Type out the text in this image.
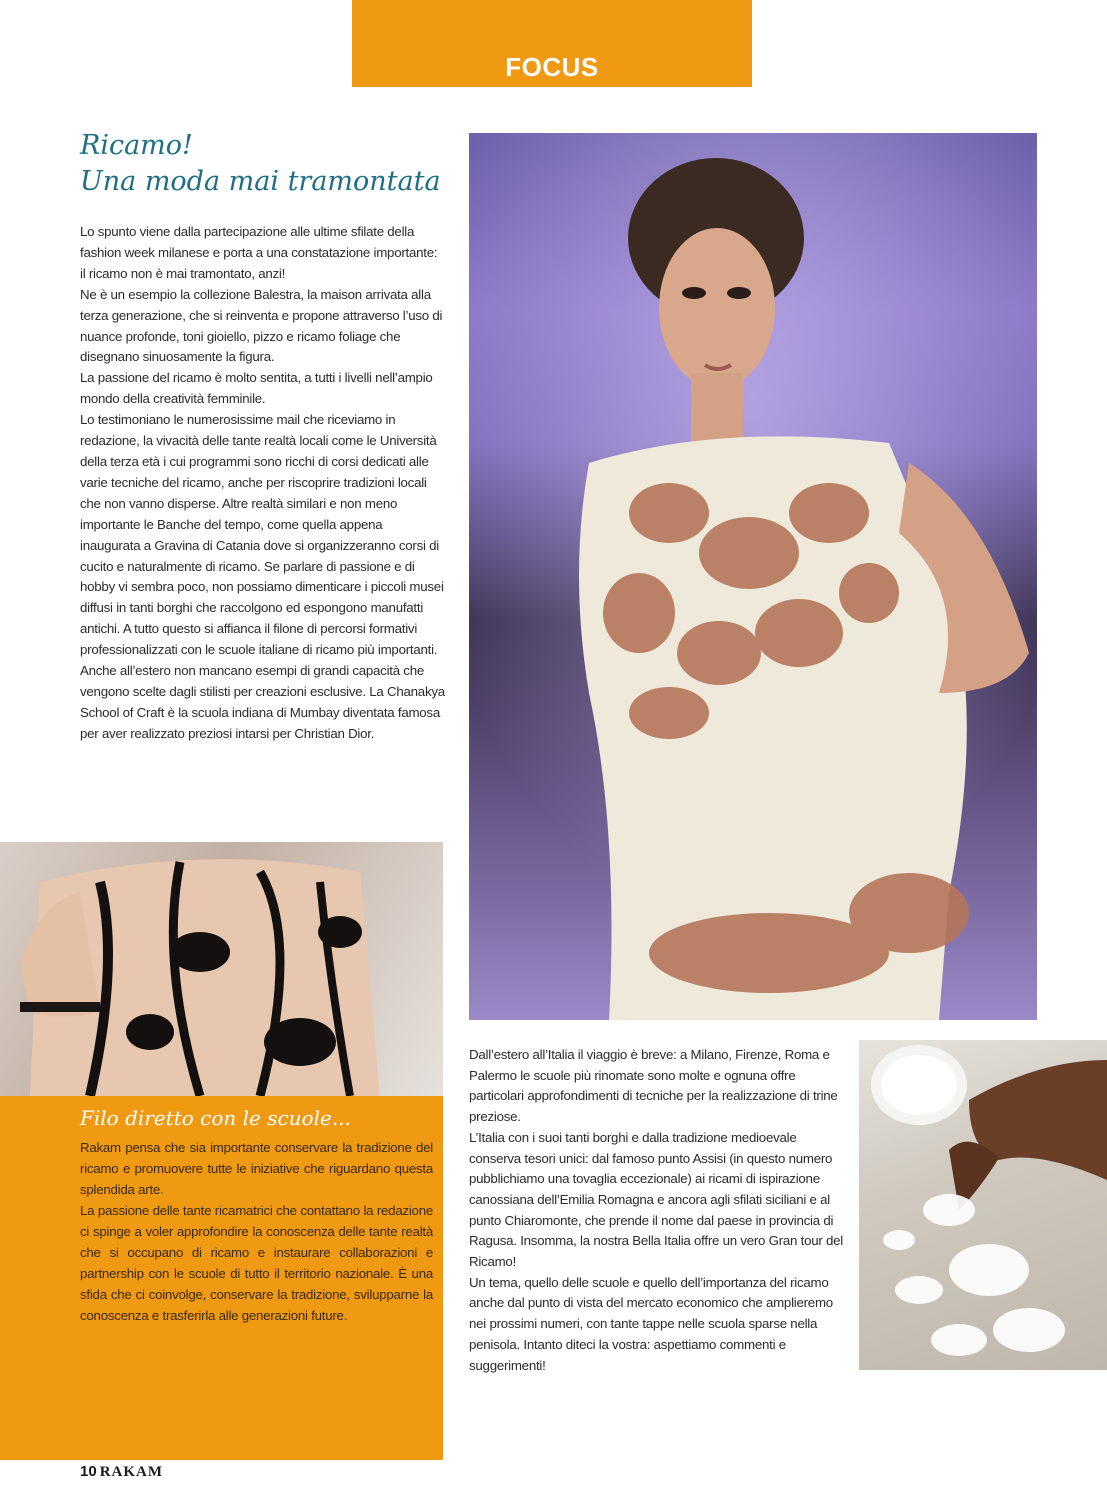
FOCUS
Ricamo!
Una moda mai tramontata

Lo spunto viene dalla partecipazione alle ultime sfilate della fashion week milanese e porta a una constatazione importante: il ricamo non è mai tramontato, anzi!

Ne è un esempio la collezione Balestra, la maison arrivata alla terza generazione, che si reinventa e propone attraverso l’uso di nuance profonde, toni gioiello, pizzo e ricamo foliage che disegnano sinuosamente la figura.

La passione del ricamo è molto sentita, a tutti i livelli nell’ampio mondo della creatività femminile.

Lo testimoniano le numerosissime mail che riceviamo in redazione, la vivacità delle tante realtà locali come le Università della terza età i cui programmi sono ricchi di corsi dedicati alle varie tecniche del ricamo, anche per riscoprire tradizioni locali che non vanno disperse. Altre realtà similari e non meno importante le Banche del tempo, come quella appena inaugurata a Gravina di Catania dove si organizzeranno corsi di cucito e naturalmente di ricamo. Se parlare di passione e di hobby vi sembra poco, non possiamo dimenticare i piccoli musei diffusi in tanti borghi che raccolgono ed espongono manufatti antichi. A tutto questo si affianca il filone di percorsi formativi professionalizzati con le scuole italiane di ricamo più importanti. Anche all’estero non mancano esempi di grandi capacità che vengono scelte dagli stilisti per creazioni esclusive. La Chanakya School of Craft è la scuola indiana di Mumbay diventata famosa per aver realizzato preziosi intarsi per Christian Dior.

Filo diretto con le scuole...

Rakam pensa che sia importante conservare la tradizione del ricamo e promuovere tutte le iniziative che riguardano questa splendida arte.

La passione delle tante ricamatrici che contattano la redazione ci spinge a voler approfondire la conoscenza delle tante realtà che si occupano di ricamo e instaurare collaborazioni e partnership con le scuole di tutto il territorio nazionale. È una sfida che ci coinvolge, conservare la tradizione, svilupparne la conoscenza e trasferirla alle generazioni future.

Dall’estero all’Italia il viaggio è breve: a Milano, Firenze, Roma e Palermo le scuole più rinomate sono molte e ognuna offre particolari approfondimenti di tecniche per la realizzazione di trine preziose.

L’Italia con i suoi tanti borghi e dalla tradizione medioevale conserva tesori unici: dal famoso punto Assisi (in questo numero pubblichiamo una tovaglia eccezionale) ai ricami di ispirazione canossiana dell’Emilia Romagna e ancora agli sfilati siciliani e al punto Chiaromonte, che prende il nome dal paese in provincia di Ragusa. Insomma, la nostra Bella Italia offre un vero Gran tour del Ricamo!

Un tema, quello delle scuole e quello dell’importanza del ricamo anche dal punto di vista del mercato economico che amplieremo nei prossimi numeri, con tante tappe nelle scuola sparse nella penisola. Intanto diteci la vostra: aspettiamo commenti e suggerimenti!

10 RAKAM
